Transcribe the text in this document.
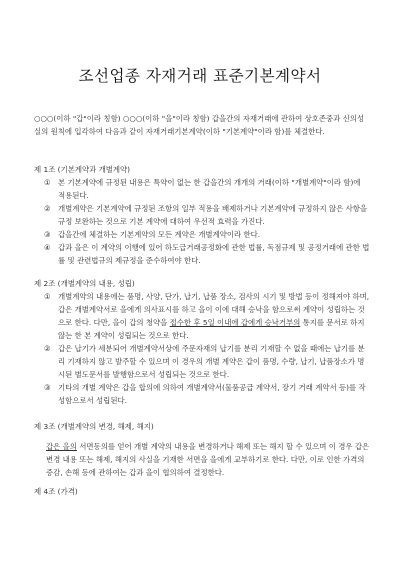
조선업종 자재거래 표준기본계약서

○○○(이하 "갑"이라 칭함) ○○○(이하 "을"이라 칭함) 갑을간의 자재거래에 관하여 상호존중과 신의성실의 원칙에 입각하여 다음과 같이 자재거래기본계약(이하 "기본계약"이라 함)를 체결한다.

제 1조 (기본계약과 개별계약)

① 본 기본계약에 규정된 내용은 특약이 없는 한 갑을간의 개개의 거래(이하 "개별계약"이라 함)에 적용된다.

② 개별계약은 기본계약에 규정된 조항의 일부 적용을 배제하거나 기본계약에 규정하지 않은 사항을 규정 보완하는 것으로 기본 계약에 대하여 우선적 효력을 가진다.

③ 갑을간에 체결하는 기본계약의 모든 계약은 개별계약이라 한다.

④ 갑과 을은 이 계약의 이행에 있어 하도급거래공정화에 관한 법률, 독점규제 및 공정거래에 관한 법률 및 관련법규의 제규정을 준수하여야 한다.

제 2조 (개별계약의 내용, 성립)

① 개별계약의 내용에는 품명, 사양, 단가, 납기, 납품 장소, 검사의 시기 및 방법 등이 정해져야 하며, 갑은 개별계약서로 을에게 의사표시를 하고 을이 이에 대해 승낙을 함으로써 계약이 성립하는 것으로 한다. 다만, 을이 갑의 청약을 접수한 후 5일 이내에 갑에게 승낙거부의 통지를 문서로 하지 않는 한 본 계약이 성립되는 것으로 한다.

② 갑은 납기가 세분되어 개별계약서상에 주문자재의 납기를 분리 기재할 수 없을 때에는 납기를 분리 기재하지 않고 발주할 수 있으며 이 경우의 개별 계약은 갑이 품명, 수량, 납기, 납품장소가 명시된 별도문서를 발행함으로서 성립되는 것으로 한다.

③ 기타의 개별 계약은 갑을 합의에 의하여 개별계약서(물품공급 계약서, 장기 거래 계약서 등)를 작성함으로서 성립된다.

제 3조 (개별계약의 변경, 해제, 해지)

갑은 을의 서면동의를 얻어 개별 계약의 내용을 변경하거나 해제 또는 해지 할 수 있으며 이 경우 갑은 변경 내용 또는 해제, 해지의 사실을 기재한 서면을 을에게 교부하기로 한다. 다만, 이로 인한 가격의 증감, 손해 등에 관하여는 갑과 을이 협의하여 결정한다.

제 4조 (가격)
